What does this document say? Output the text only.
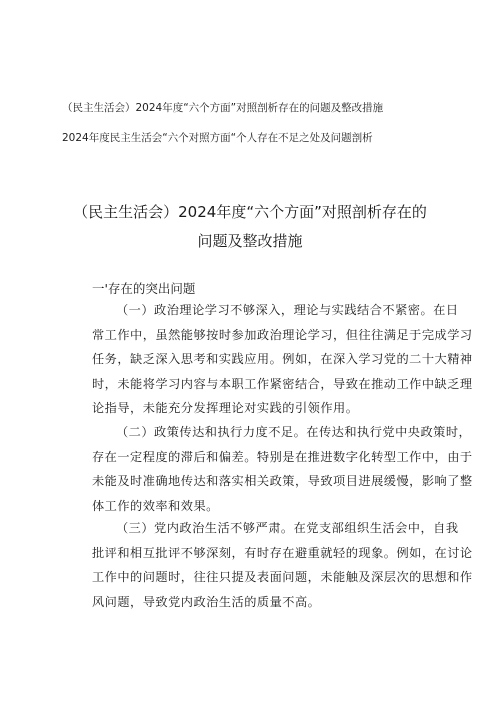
（民主生活会）2024年度“六个方面”对照剖析存在的问题及整改措施
2024年度民主生活会“六个对照方面“个人存在不足之处及问题剖析
（民主生活会）2024年度“六个方面”对照剖析存在的
问题及整改措施
一'存在的突出问题
（一）政治理论学习不够深入，理论与实践结合不紧密。在日
常工作中，虽然能够按时参加政治理论学习，但往往满足于完成学习
任务，缺乏深入思考和实践应用。例如，在深入学习党的二十大精神
时，未能将学习内容与本职工作紧密结合，导致在推动工作中缺乏理
论指导，未能充分发挥理论对实践的引领作用。
（二）政策传达和执行力度不足。在传达和执行党中央政策时，
存在一定程度的滞后和偏差。特别是在推进数字化转型工作中，由于
未能及时准确地传达和落实相关政策，导致项目进展缓慢，影响了整
体工作的效率和效果。
（三）党内政治生活不够严肃。在党支部组织生活会中，自我
批评和相互批评不够深刻，有时存在避重就轻的现象。例如，在讨论
工作中的问题时，往往只提及表面问题，未能触及深层次的思想和作
风问题，导致党内政治生活的质量不高。
